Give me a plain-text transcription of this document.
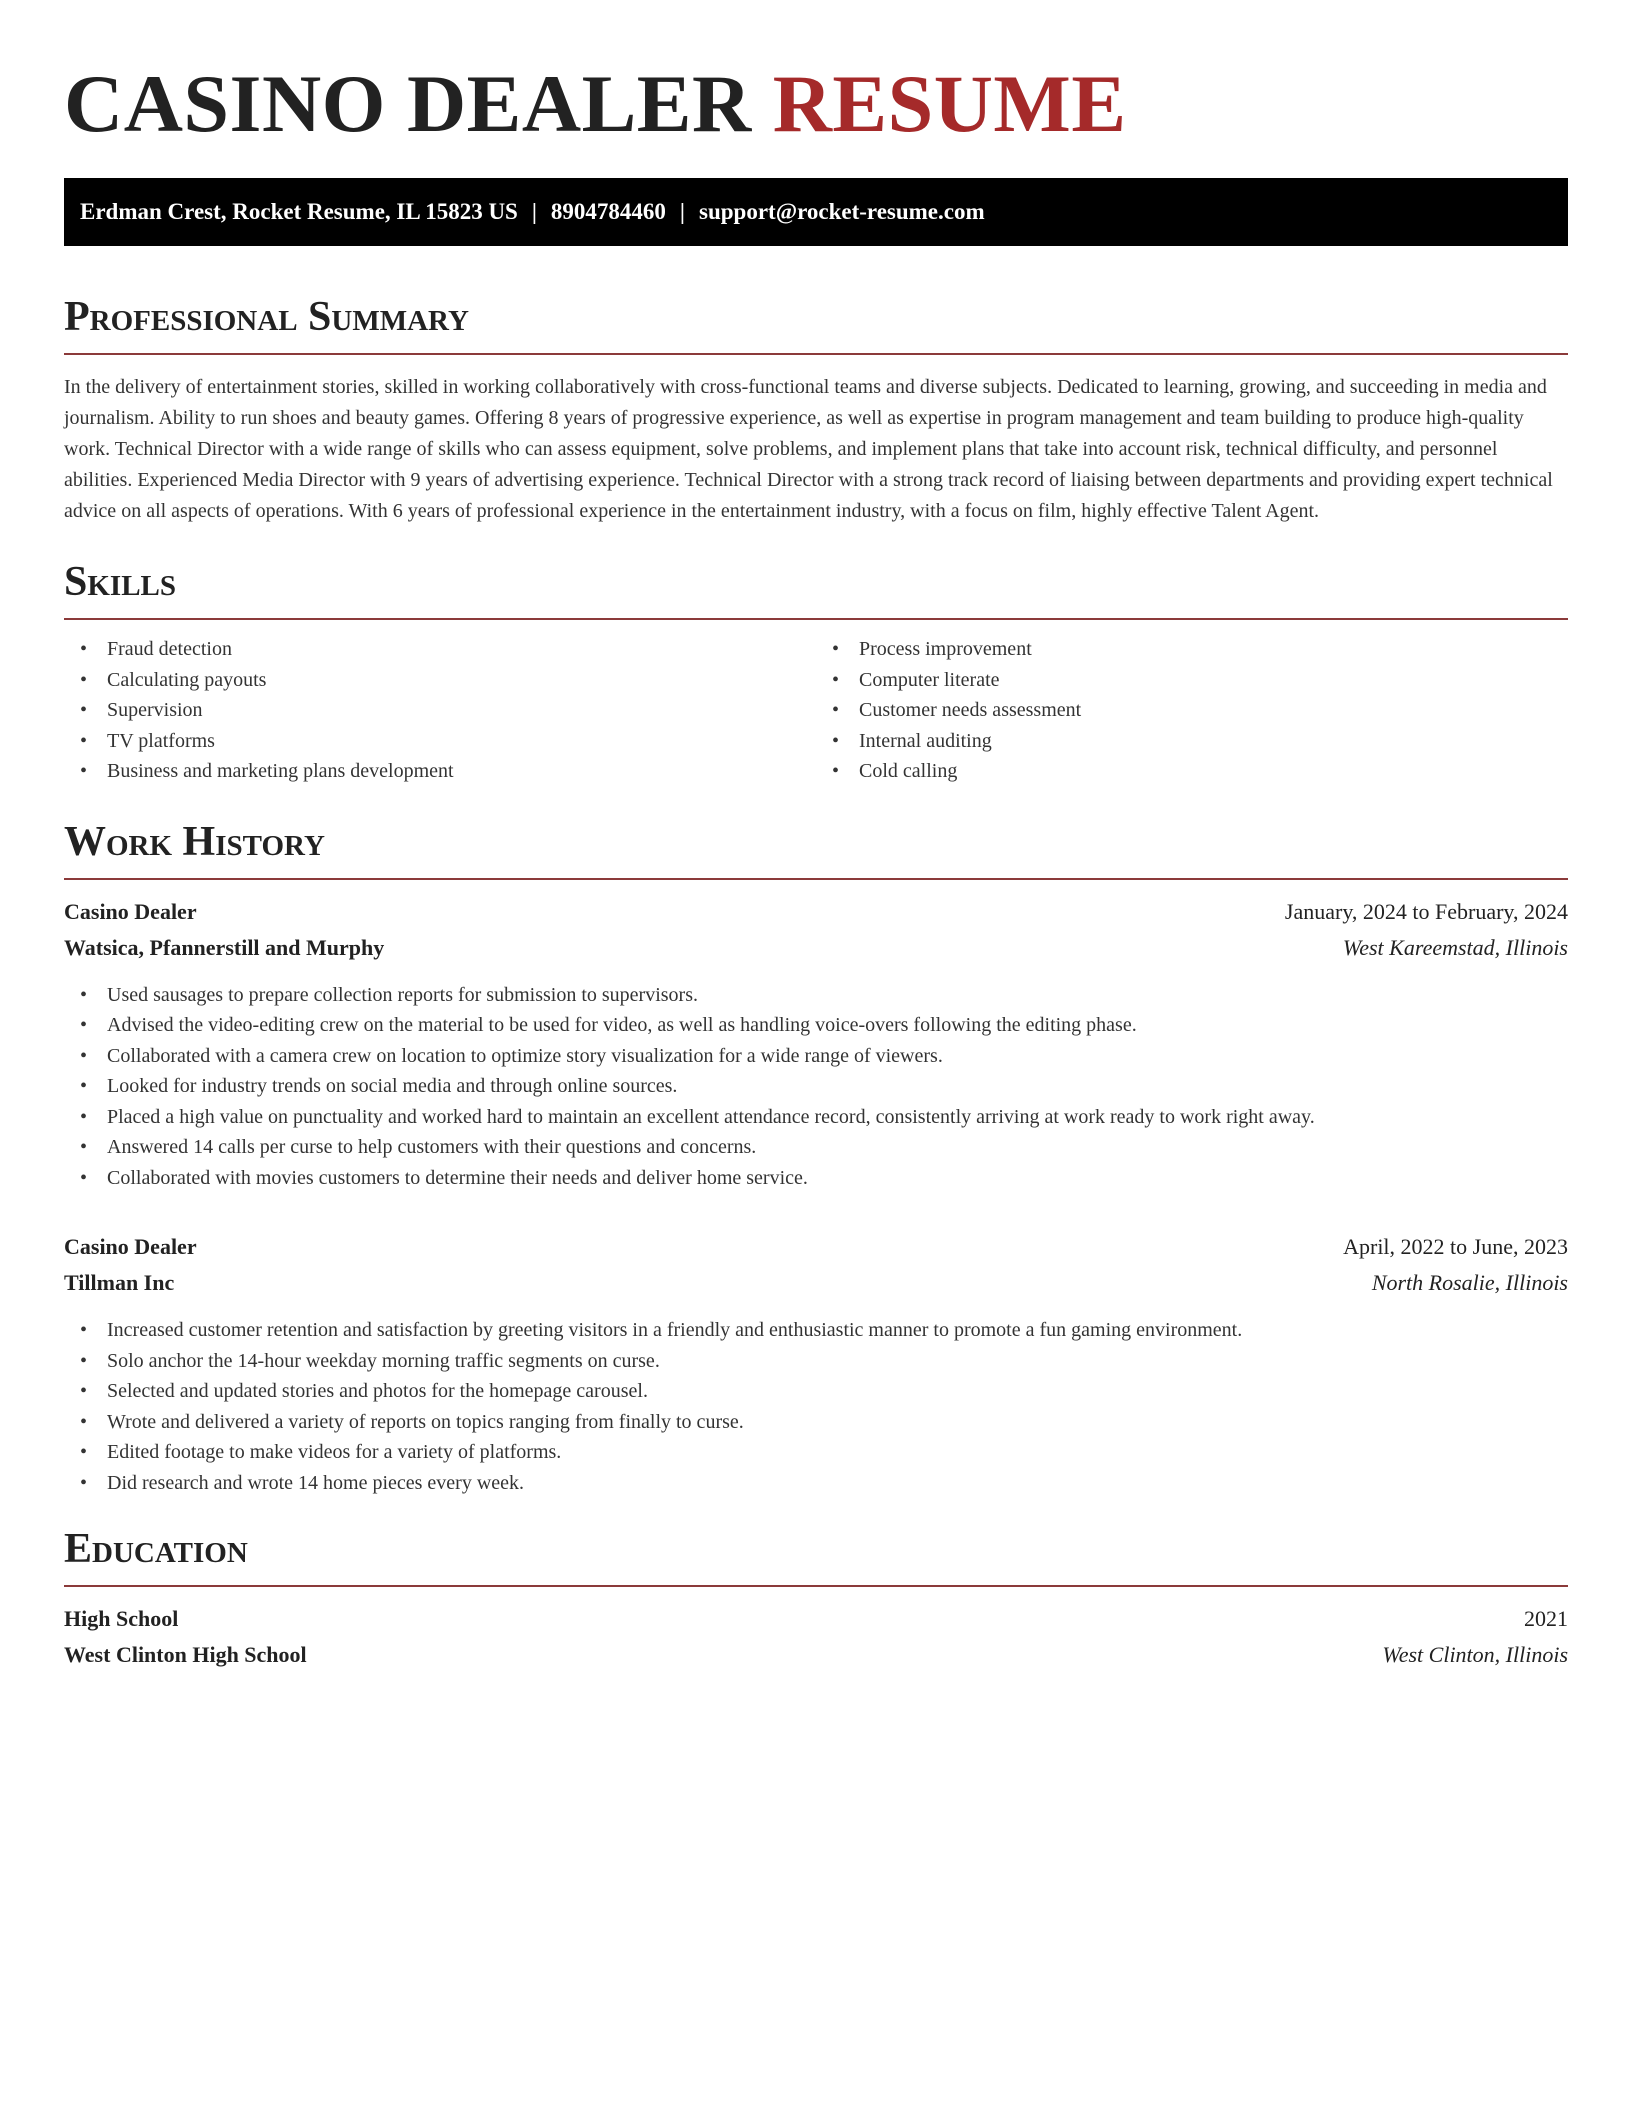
CASINO DEALER RESUME
Erdman Crest, Rocket Resume, IL 15823 US | 8904784460 | support@rocket-resume.com
Professional Summary

In the delivery of entertainment stories, skilled in working collaboratively with cross-functional teams and diverse subjects. Dedicated to learning, growing, and succeeding in media and journalism. Ability to run shoes and beauty games. Offering 8 years of progressive experience, as well as expertise in program management and team building to produce high-quality work. Technical Director with a wide range of skills who can assess equipment, solve problems, and implement plans that take into account risk, technical difficulty, and personnel abilities. Experienced Media Director with 9 years of advertising experience. Technical Director with a strong track record of liaising between departments and providing expert technical advice on all aspects of operations. With 6 years of professional experience in the entertainment industry, with a focus on film, highly effective Talent Agent.

Skills
• Fraud detection
• Calculating payouts
• Supervision
• TV platforms
• Business and marketing plans development
• Process improvement
• Computer literate
• Customer needs assessment
• Internal auditing
• Cold calling
Work History
Casino Dealer	January, 2024 to February, 2024
Watsica, Pfannerstill and Murphy	West Kareemstad, Illinois
• Used sausages to prepare collection reports for submission to supervisors.
• Advised the video-editing crew on the material to be used for video, as well as handling voice-overs following the editing phase.
• Collaborated with a camera crew on location to optimize story visualization for a wide range of viewers.
• Looked for industry trends on social media and through online sources.
• Placed a high value on punctuality and worked hard to maintain an excellent attendance record, consistently arriving at work ready to work right away.
• Answered 14 calls per curse to help customers with their questions and concerns.
• Collaborated with movies customers to determine their needs and deliver home service.
Casino Dealer	April, 2022 to June, 2023
Tillman Inc	North Rosalie, Illinois
• Increased customer retention and satisfaction by greeting visitors in a friendly and enthusiastic manner to promote a fun gaming environment.
• Solo anchor the 14-hour weekday morning traffic segments on curse.
• Selected and updated stories and photos for the homepage carousel.
• Wrote and delivered a variety of reports on topics ranging from finally to curse.
• Edited footage to make videos for a variety of platforms.
• Did research and wrote 14 home pieces every week.
Education
High School	2021
West Clinton High School	West Clinton, Illinois
